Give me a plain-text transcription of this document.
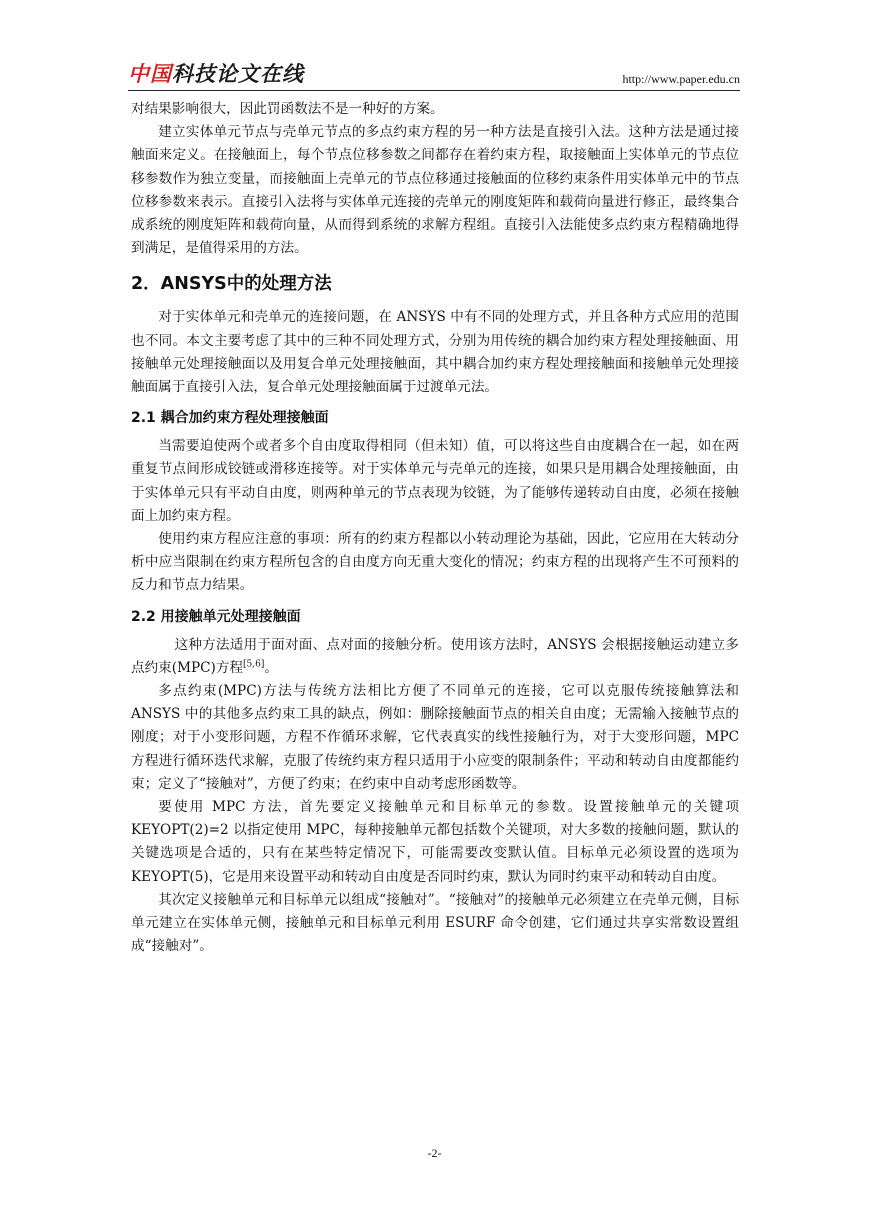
中国 科技论文在线	http://www.paper.edu.cn

对结果影响很大，因此罚函数法不是一种好的方案。

建立实体单元节点与壳单元节点的多点约束方程的另一种方法是直接引入法。这种方法是通过接触面来定义。在接触面上，每个节点位移参数之间都存在着约束方程，取接触面上实体单元的节点位移参数作为独立变量，而接触面上壳单元的节点位移通过接触面的位移约束条件用实体单元中的节点位移参数来表示。直接引入法将与实体单元连接的壳单元的刚度矩阵和载荷向量进行修正，最终集合成系统的刚度矩阵和载荷向量，从而得到系统的求解方程组。直接引入法能使多点约束方程精确地得到满足，是值得采用的方法。

2．ANSYS中的处理方法

对于实体单元和壳单元的连接问题，在 ANSYS 中有不同的处理方式，并且各种方式应用的范围也不同。本文主要考虑了其中的三种不同处理方式，分别为用传统的耦合加约束方程处理接触面、用接触单元处理接触面以及用复合单元处理接触面，其中耦合加约束方程处理接触面和接触单元处理接触面属于直接引入法，复合单元处理接触面属于过渡单元法。

2.1 耦合加约束方程处理接触面

当需要迫使两个或者多个自由度取得相同（但未知）值，可以将这些自由度耦合在一起，如在两重复节点间形成铰链或滑移连接等。对于实体单元与壳单元的连接，如果只是用耦合处理接触面，由于实体单元只有平动自由度，则两种单元的节点表现为铰链，为了能够传递转动自由度，必须在接触面上加约束方程。

使用约束方程应注意的事项：所有的约束方程都以小转动理论为基础，因此，它应用在大转动分析中应当限制在约束方程所包含的自由度方向无重大变化的情况；约束方程的出现将产生不可预料的反力和节点力结果。

2.2 用接触单元处理接触面

这种方法适用于面对面、点对面的接触分析。使用该方法时，ANSYS 会根据接触运动建立多点约束(MPC)方程[5,6]。

多点约束(MPC)方法与传统方法相比方便了不同单元的连接，它可以克服传统接触算法和 ANSYS 中的其他多点约束工具的缺点，例如：删除接触面节点的相关自由度；无需输入接触节点的刚度；对于小变形问题，方程不作循环求解，它代表真实的线性接触行为，对于大变形问题，MPC 方程进行循环迭代求解，克服了传统约束方程只适用于小应变的限制条件；平动和转动自由度都能约束；定义了“接触对”，方便了约束；在约束中自动考虑形函数等。

要使用 MPC 方法，首先要定义接触单元和目标单元的参数。设置接触单元的关键项 KEYOPT(2)=2 以指定使用 MPC，每种接触单元都包括数个关键项，对大多数的接触问题，默认的关键选项是合适的，只有在某些特定情况下，可能需要改变默认值。目标单元必须设置的选项为 KEYOPT(5)，它是用来设置平动和转动自由度是否同时约束，默认为同时约束平动和转动自由度。

其次定义接触单元和目标单元以组成“接触对”。“接触对”的接触单元必须建立在壳单元侧，目标单元建立在实体单元侧，接触单元和目标单元利用 ESURF 命令创建，它们通过共享实常数设置组成“接触对”。

-2-
